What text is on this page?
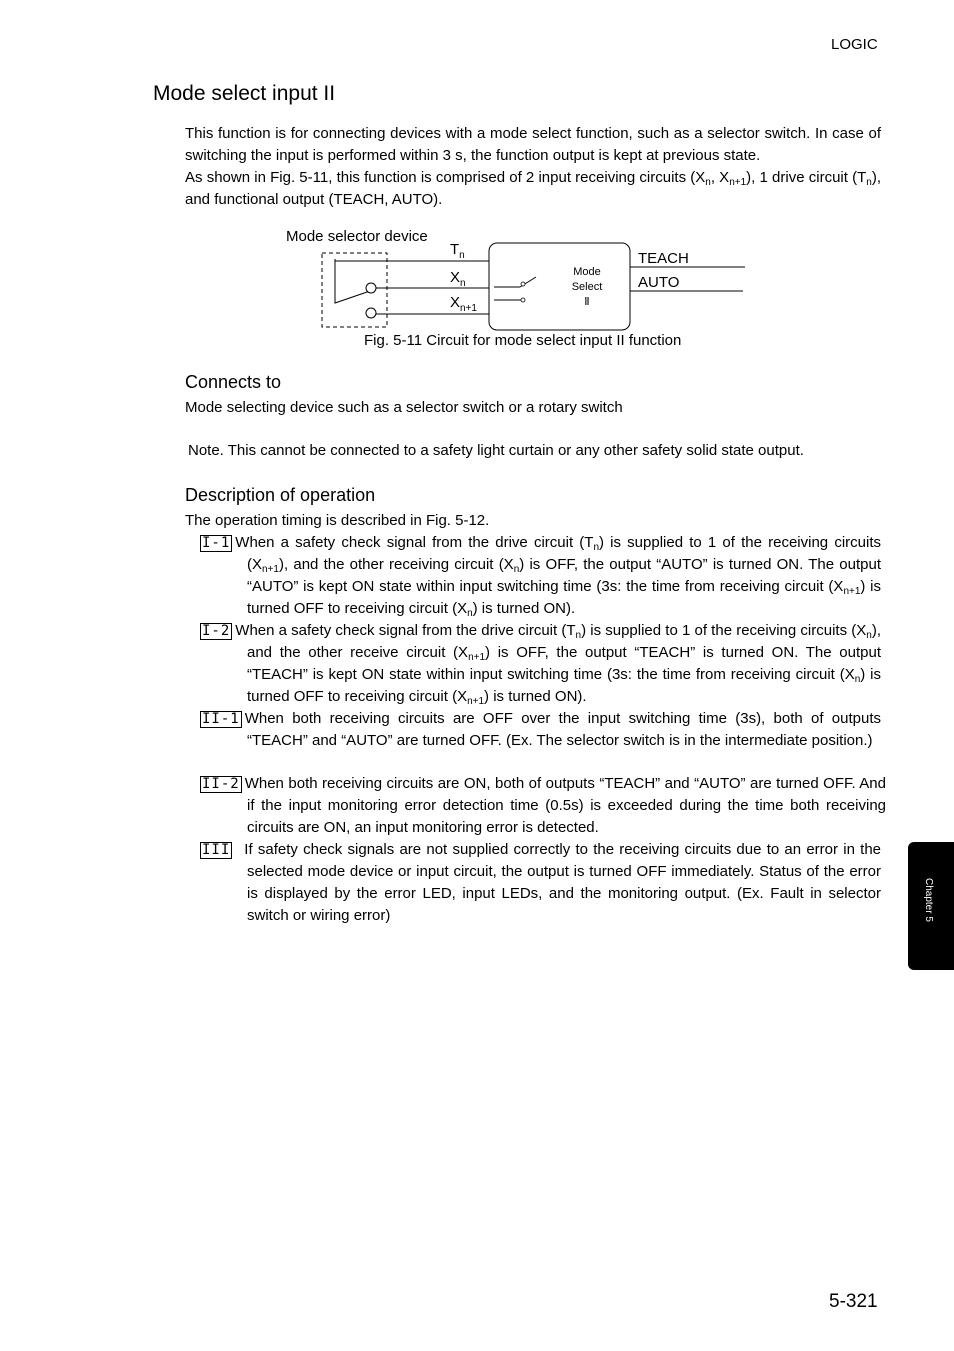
LOGIC
Mode select input II
This function is for connecting devices with a mode select function, such as a selector switch. In case of switching the input is performed within 3 s, the function output is kept at previous state.
As shown in Fig. 5-11, this function is comprised of 2 input receiving circuits ($X_n$, $X_{n+1}$), 1 drive circuit $(T_n)$, and functional output (TEACH, AUTO).
Mode selector device
$T_n$
$X_n$
$X_{n+1}$
Mode
Select
Ⅱ
TEACH
AUTO
Fig. 5-11 Circuit for mode select input II function
Connects to
Mode selecting device such as a selector switch or a rotary switch
Note. This cannot be connected to a safety light curtain or any other safety solid state output.
Description of operation
The operation timing is described in Fig. 5-12.
I-1 When a safety check signal from the drive circuit $(T_n)$ is supplied to 1 of the receiving circuits $(X_{n+1})$, and the other receiving circuit $(X_n)$ is OFF, the output “AUTO” is turned ON. The output “AUTO” is kept ON state within input switching time (3s: the time from receiving circuit $(X_{n+1})$ is turned OFF to receiving circuit $(X_n)$ is turned ON).
I-2 When a safety check signal from the drive circuit $(T_n)$ is supplied to 1 of the receiving circuits $(X_n)$, and the other receive circuit $(X_{n+1})$ is OFF, the output “TEACH” is turned ON. The output “TEACH” is kept ON state within input switching time (3s: the time from receiving circuit $(X_n)$ is turned OFF to receiving circuit $(X_{n+1})$ is turned ON).
II-1 When both receiving circuits are OFF over the input switching time (3s), both of outputs “TEACH” and “AUTO” are turned OFF. (Ex. The selector switch is in the intermediate position.)
II-2 When both receiving circuits are ON, both of outputs “TEACH” and “AUTO” are turned OFF. And if the input monitoring error detection time (0.5s) is exceeded during the time both receiving circuits are ON, an input monitoring error is detected.
III If safety check signals are not supplied correctly to the receiving circuits due to an error in the selected mode device or input circuit, the output is turned OFF immediately. Status of the error is displayed by the error LED, input LEDs, and the monitoring output. (Ex. Fault in selector switch or wiring error)	Chapter 5
5-321
